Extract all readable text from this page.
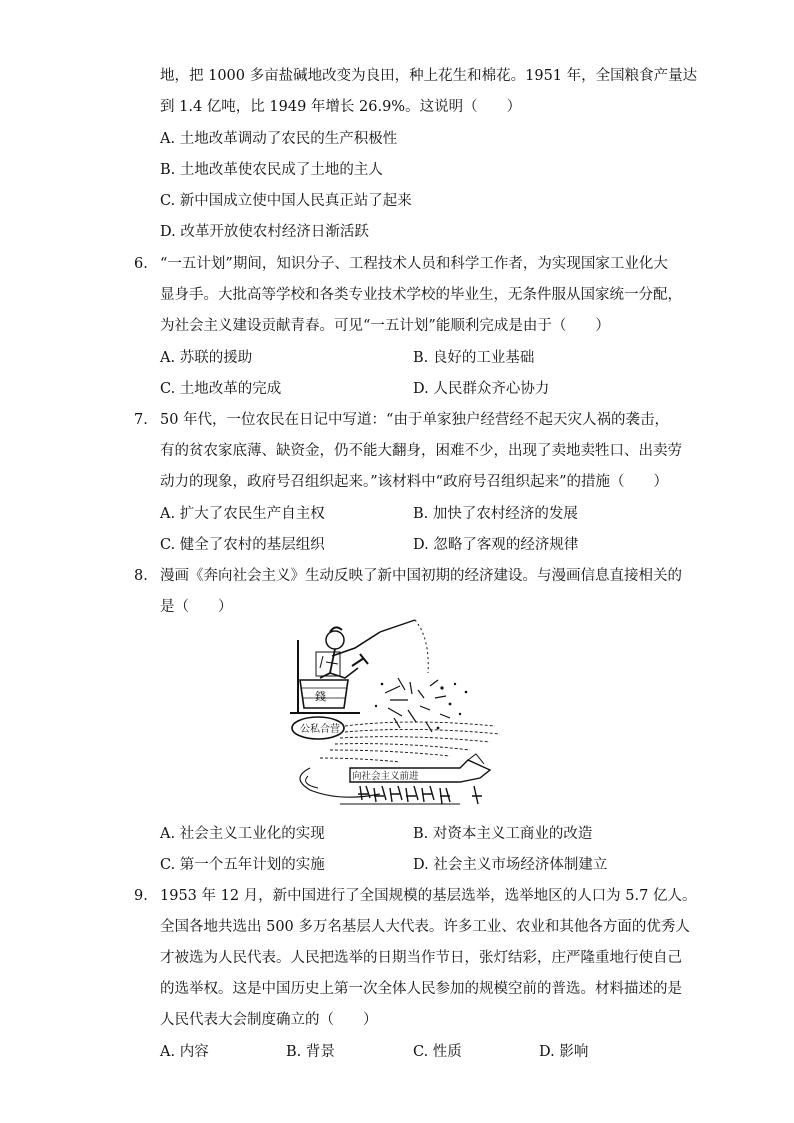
地，把 1000 多亩盐碱地改变为良田，种上花生和棉花。1951 年，全国粮食产量达
到 1.4 亿吨，比 1949 年增长 26.9%。这说明（　　）
A. 土地改革调动了农民的生产积极性
B. 土地改革使农民成了土地的主人
C. 新中国成立使中国人民真正站了起来
D. 改革开放使农村经济日渐活跃
6. “一五计划”期间，知识分子、工程技术人员和科学工作者，为实现国家工业化大
显身手。大批高等学校和各类专业技术学校的毕业生，无条件服从国家统一分配，
为社会主义建设贡献青春。可见“一五计划”能顺利完成是由于（　　）
A. 苏联的援助	B. 良好的工业基础
C. 土地改革的完成	D. 人民群众齐心协力
7. 50 年代，一位农民在日记中写道：“由于单家独户经营经不起天灾人祸的袭击，
有的贫农家底薄、缺资金，仍不能大翻身，困难不少，出现了卖地卖牲口、出卖劳
动力的现象，政府号召组织起来。”该材料中“政府号召组织起来”的措施（　　）
A. 扩大了农民生产自主权	B. 加快了农村经济的发展
C. 健全了农村的基层组织	D. 忽略了客观的经济规律
8. 漫画《奔向社会主义》生动反映了新中国初期的经济建设。与漫画信息直接相关的
是（　　）
錢
公私合营
向社会主义前进
A. 社会主义工业化的实现	B. 对资本主义工商业的改造
C. 第一个五年计划的实施	D. 社会主义市场经济体制建立
9. 1953 年 12 月，新中国进行了全国规模的基层选举，选举地区的人口为 5.7 亿人。
全国各地共选出 500 多万名基层人大代表。许多工业、农业和其他各方面的优秀人
才被选为人民代表。人民把选举的日期当作节日，张灯结彩，庄严隆重地行使自己
的选举权。这是中国历史上第一次全体人民参加的规模空前的普选。材料描述的是
人民代表大会制度确立的（　　）
A. 内容	B. 背景	C. 性质	D. 影响
